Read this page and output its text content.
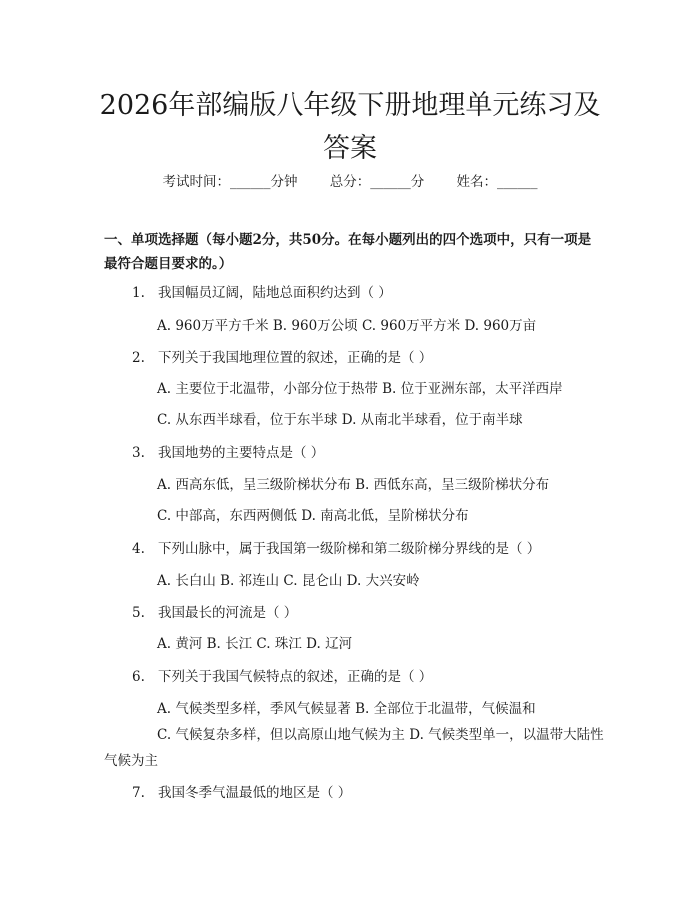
2026年部编版八年级下册地理单元练习及答案
考试时间：______分钟 总分：______分 姓名：______
一、单项选择题（每小题2分，共50分。在每小题列出的四个选项中，只有一项是最符合题目要求的。）
1. 我国幅员辽阔，陆地总面积约达到（ ）
A. 960万平方千米 B. 960万公顷 C. 960万平方米 D. 960万亩
2. 下列关于我国地理位置的叙述，正确的是（ ）
A. 主要位于北温带，小部分位于热带 B. 位于亚洲东部，太平洋西岸
C. 从东西半球看，位于东半球 D. 从南北半球看，位于南半球
3. 我国地势的主要特点是（ ）
A. 西高东低，呈三级阶梯状分布 B. 西低东高，呈三级阶梯状分布
C. 中部高，东西两侧低 D. 南高北低，呈阶梯状分布
4. 下列山脉中，属于我国第一级阶梯和第二级阶梯分界线的是（ ）
A. 长白山 B. 祁连山 C. 昆仑山 D. 大兴安岭
5. 我国最长的河流是（ ）
A. 黄河 B. 长江 C. 珠江 D. 辽河
6. 下列关于我国气候特点的叙述，正确的是（ ）
A. 气候类型多样，季风气候显著 B. 全部位于北温带，气候温和
C. 气候复杂多样，但以高原山地气候为主 D. 气候类型单一，以温带大陆性气候为主
7. 我国冬季气温最低的地区是（ ）
